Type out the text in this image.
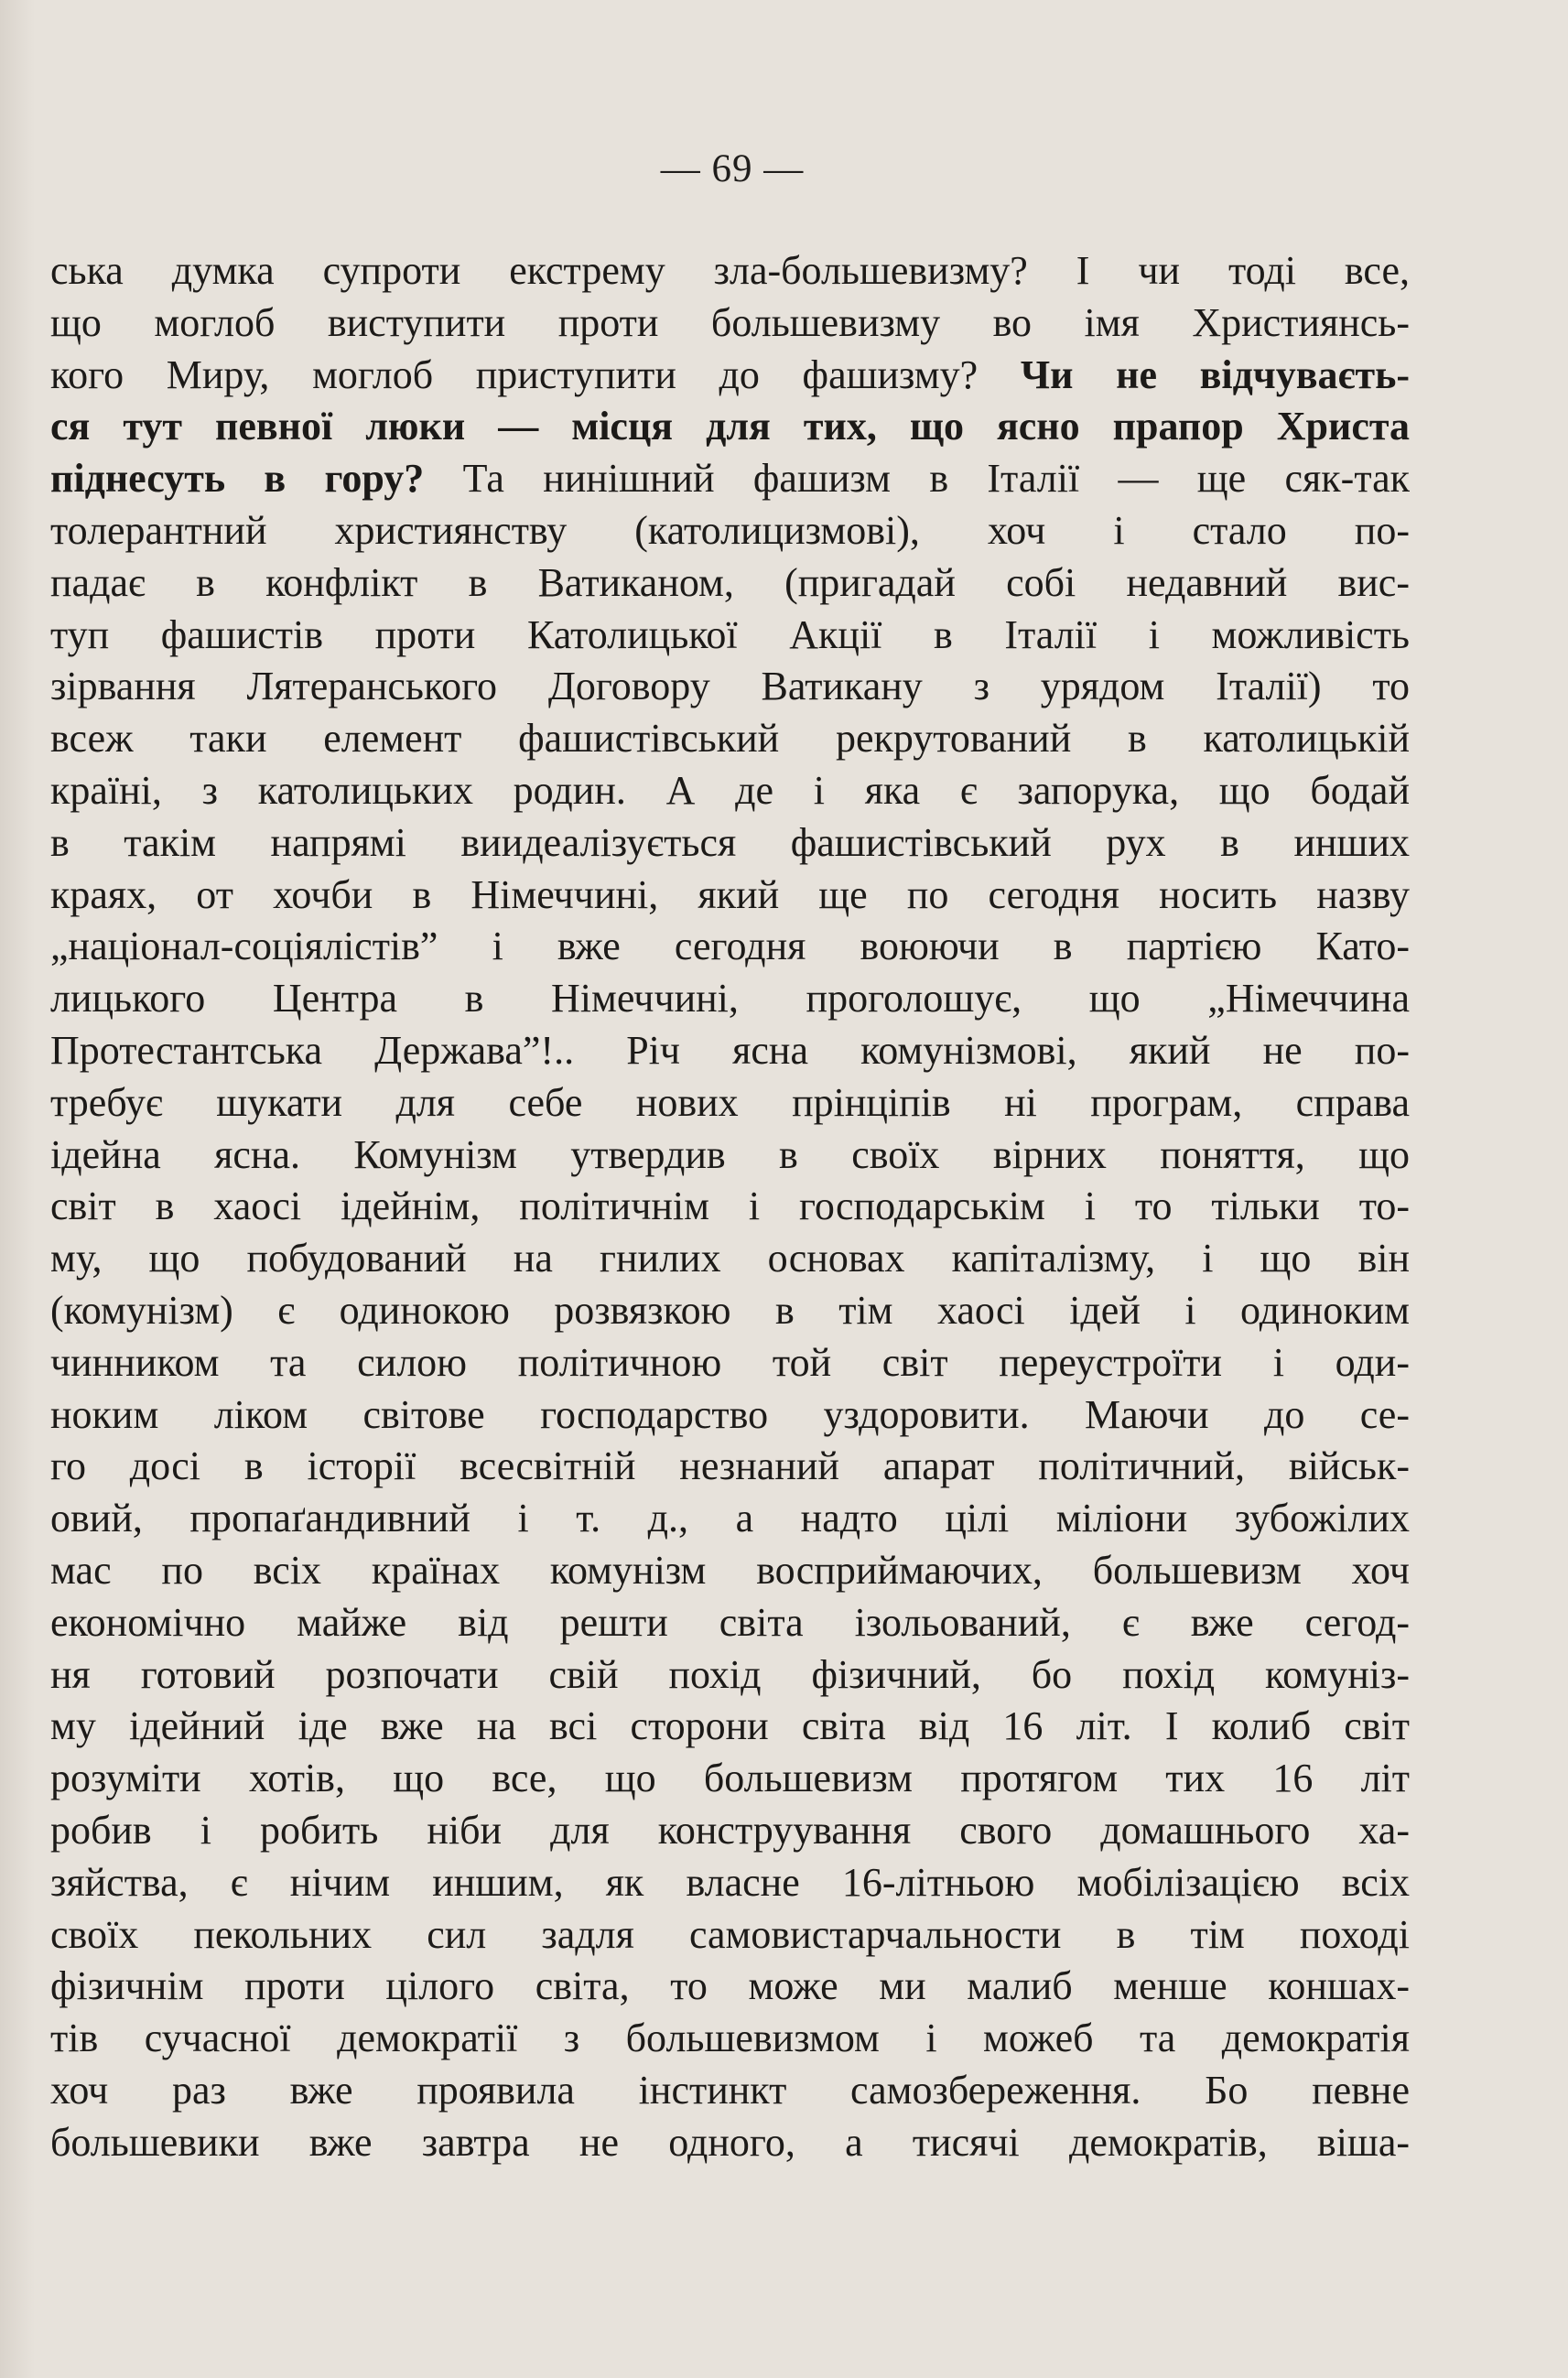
— 69 —
ська думка супроти екстрему зла-большевизму? І чи тоді все,
що моглоб виступити проти большевизму во імя Християнсь-
кого Миру, моглоб приступити до фашизму? Чи не відчуваєть-
ся тут певної люки — місця для тих, що ясно прапор Христа
піднесуть в гору? Та нинішний фашизм в Італії — ще сяк-так
толерантний християнству (католицизмові), хоч і стало по-
падає в конфлікт в Ватиканом, (пригадай собі недавний вис-
туп фашистів проти Католицької Акції в Італії і можливість
зірвання Лятеранського Договору Ватикану з урядом Італії) то
всеж таки елемент фашистівський рекрутований в католицькій
країні, з католицьких родин. А де і яка є запорука, що бодай
в такім напрямі виидеалізується фашистівський рух в инших
краях, от хочби в Німеччині, який ще по сегодня носить назву
„націонал-соціялістів” і вже сегодня воюючи в партією Като-
лицького Центра в Німеччині, проголошує, що „Німеччина
Протестантська Держава”!.. Річ ясна комунізмові, який не по-
требує шукати для себе нових прінціпів ні програм, справа
ідейна ясна. Комунізм утвердив в своїх вірних поняття, що
світ в хаосі ідейнім, політичнім і господарськім і то тільки то-
му, що побудований на гнилих основах капіталізму, і що він
(комунізм) є одинокою розвязкою в тім хаосі ідей і одиноким
чинником та силою політичною той світ переустроїти і оди-
ноким ліком світове господарство уздоровити. Маючи до се-
го досі в історії всесвітній незнаний апарат політичний, військ-
овий, пропаґандивний і т. д., а надто цілі міліони зубожілих
мас по всіх країнах комунізм восприймаючих, большевизм хоч
економічно майже від решти світа ізольований, є вже сегод-
ня готовий розпочати свій похід фізичний, бо похід комуніз-
му ідейний іде вже на всі сторони світа від 16 літ. І колиб світ
розуміти хотів, що все, що большевизм протягом тих 16 літ
робив і робить ніби для конструування свого домашнього ха-
зяйства, є нічим иншим, як власне 16-літньою мобілізацією всіх
своїх пекольних сил задля самовистарчальности в тім поході
фізичнім проти цілого світа, то може ми малиб менше коншах-
тів сучасної демократії з большевизмом і можеб та демократія
хоч раз вже проявила інстинкт самозбереження. Бо певне
большевики вже завтра не одного, а тисячі демократів, віша-
